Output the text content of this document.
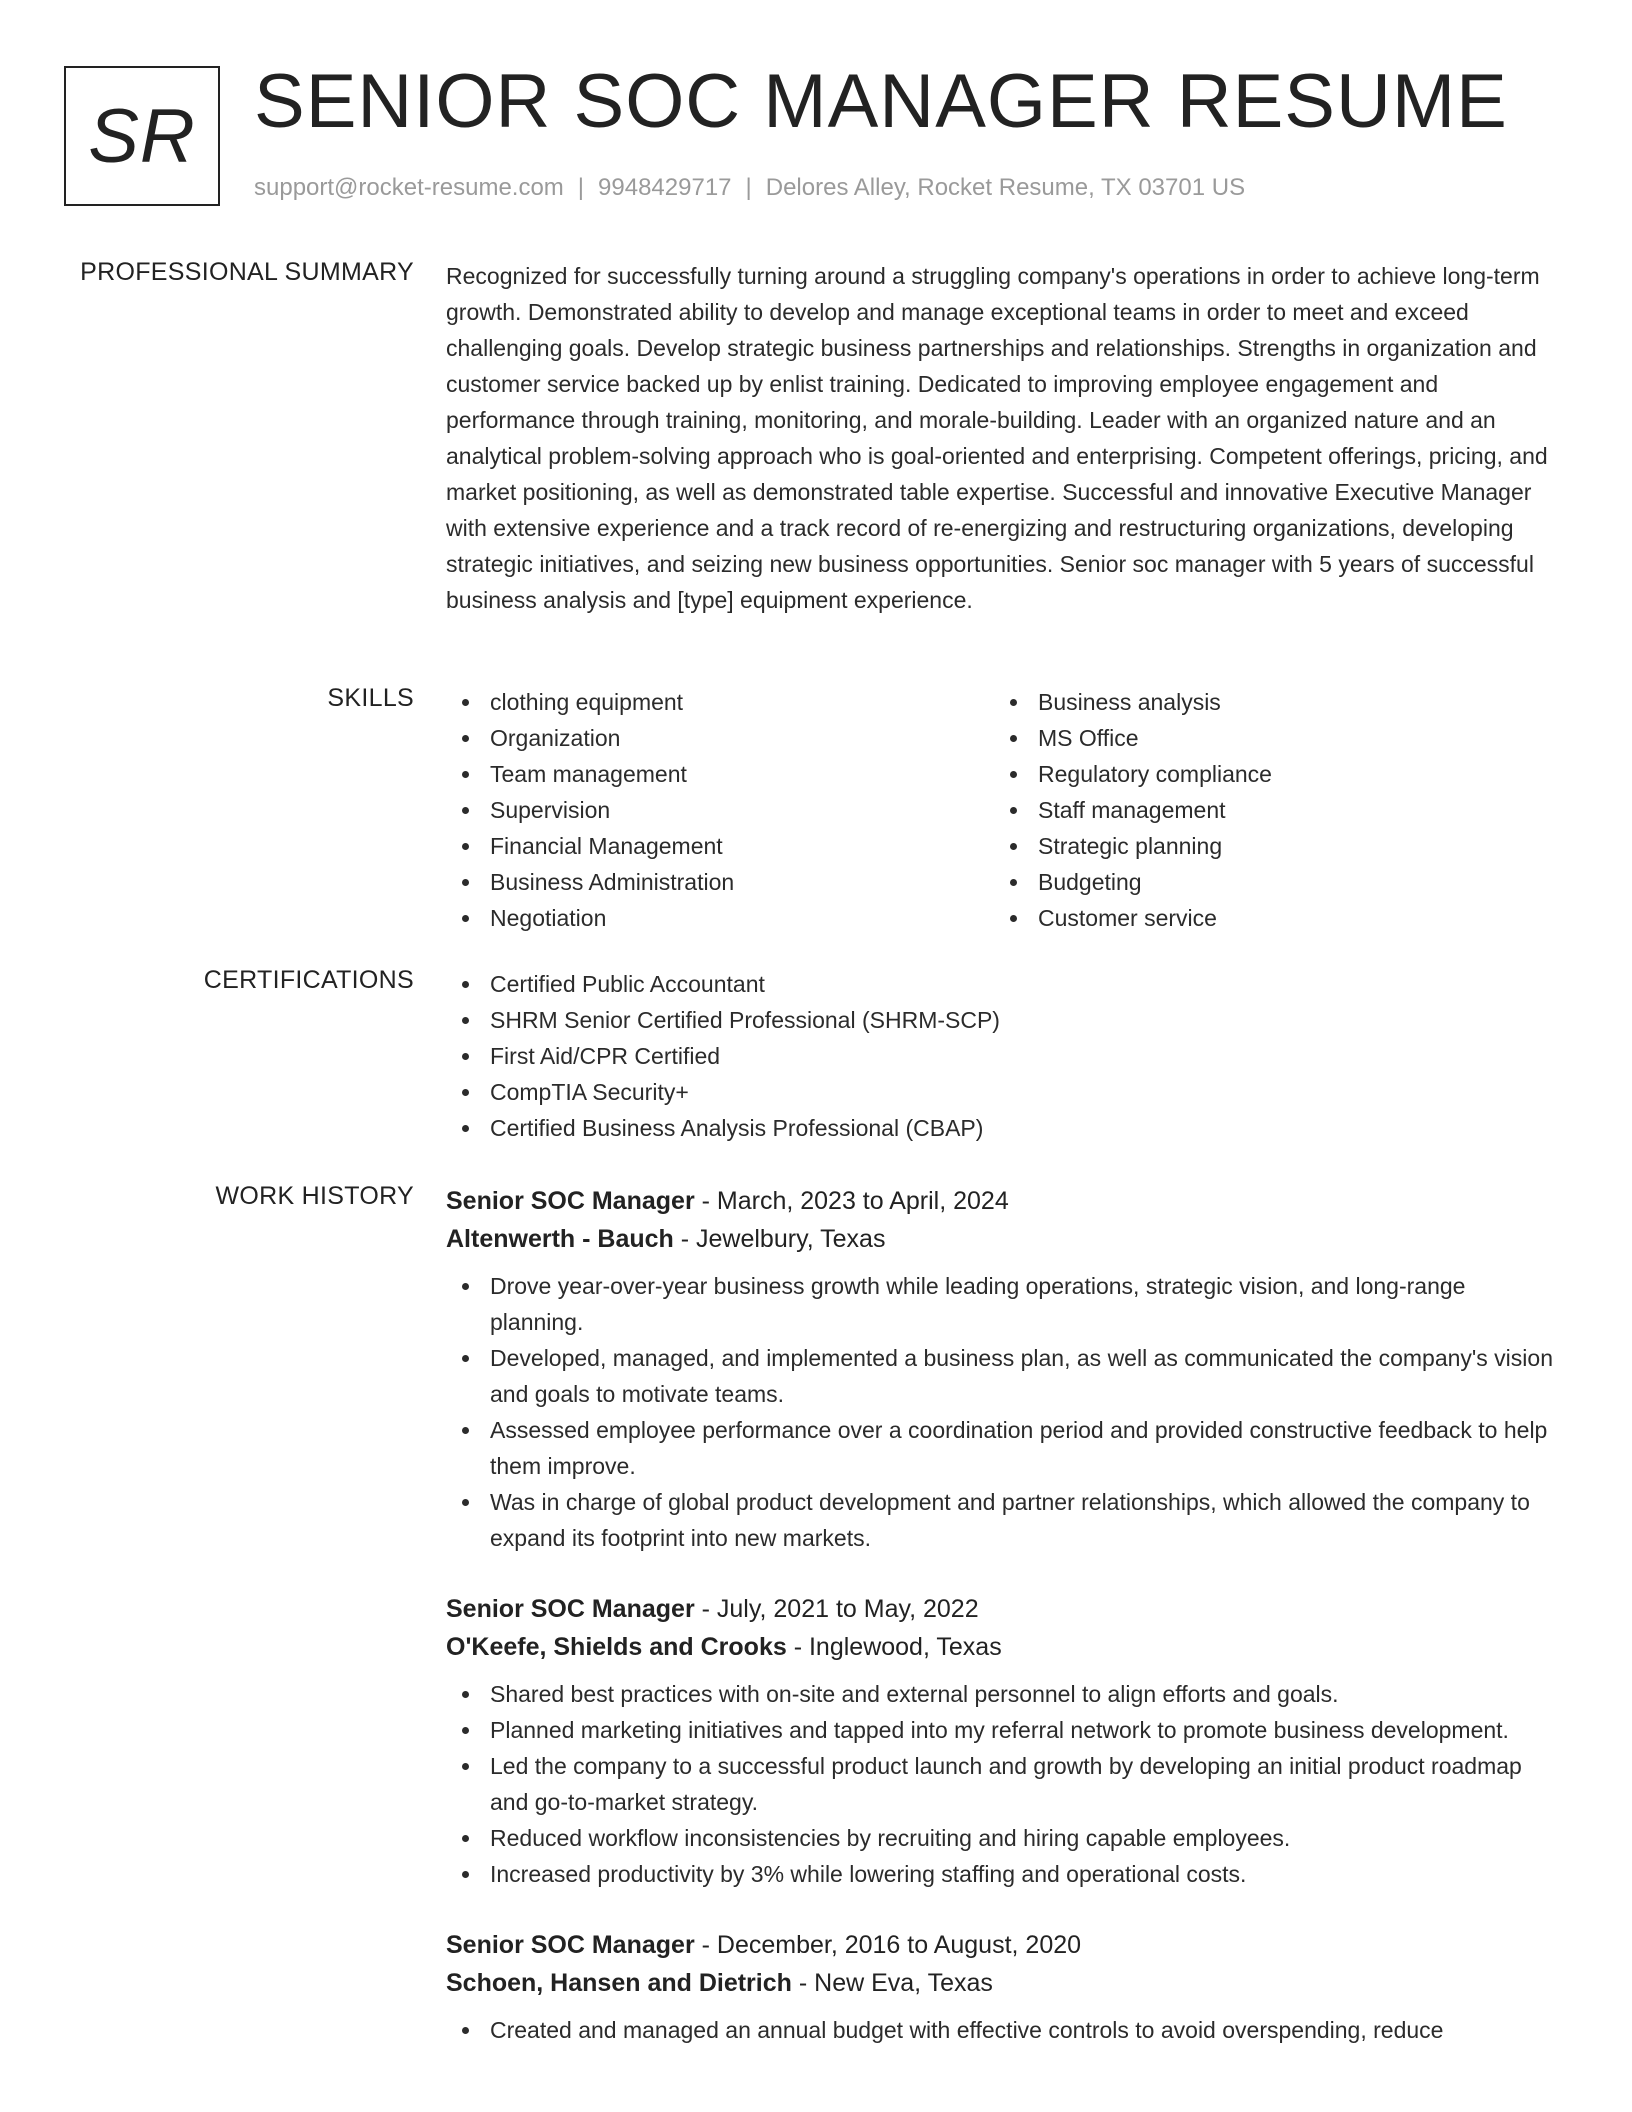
SR SENIOR SOC MANAGER RESUME
support@rocket-resume.com | 9948429717 | Delores Alley, Rocket Resume, TX 03701 US
PROFESSIONAL SUMMARY Recognized for successfully turning around a struggling company's operations in order to achieve long-term growth. Demonstrated ability to develop and manage exceptional teams in order to meet and exceed challenging goals. Develop strategic business partnerships and relationships. Strengths in organization and customer service backed up by enlist training. Dedicated to improving employee engagement and performance through training, monitoring, and morale-building. Leader with an organized nature and an analytical problem-solving approach who is goal-oriented and enterprising. Competent offerings, pricing, and market positioning, as well as demonstrated table expertise. Successful and innovative Executive Manager with extensive experience and a track record of re-energizing and restructuring organizations, developing strategic initiatives, and seizing new business opportunities. Senior soc manager with 5 years of successful business analysis and [type] equipment experience.

SKILLS	clothing equipment
Organization
Team management
Supervision
Financial Management
Business Administration
Negotiation
Business analysis
MS Office
Regulatory compliance
Staff management
Strategic planning
Budgeting
Customer service
CERTIFICATIONS	Certified Public Accountant
SHRM Senior Certified Professional (SHRM-SCP)
First Aid/CPR Certified
CompTIA Security+
Certified Business Analysis Professional (CBAP)
WORK HISTORY Senior SOC Manager - March, 2023 to April, 2024
Altenwerth - Bauch - Jewelbury, Texas
Drove year-over-year business growth while leading operations, strategic vision, and long-range planning.
Developed, managed, and implemented a business plan, as well as communicated the company's vision and goals to motivate teams.
Assessed employee performance over a coordination period and provided constructive feedback to help them improve.
Was in charge of global product development and partner relationships, which allowed the company to expand its footprint into new markets.
Senior SOC Manager - July, 2021 to May, 2022
O'Keefe, Shields and Crooks - Inglewood, Texas
Shared best practices with on-site and external personnel to align efforts and goals.
Planned marketing initiatives and tapped into my referral network to promote business development.
Led the company to a successful product launch and growth by developing an initial product roadmap and go-to-market strategy.
Reduced workflow inconsistencies by recruiting and hiring capable employees.
Increased productivity by 3% while lowering staffing and operational costs.
Senior SOC Manager - December, 2016 to August, 2020
Schoen, Hansen and Dietrich - New Eva, Texas
Created and managed an annual budget with effective controls to avoid overspending, reduce
